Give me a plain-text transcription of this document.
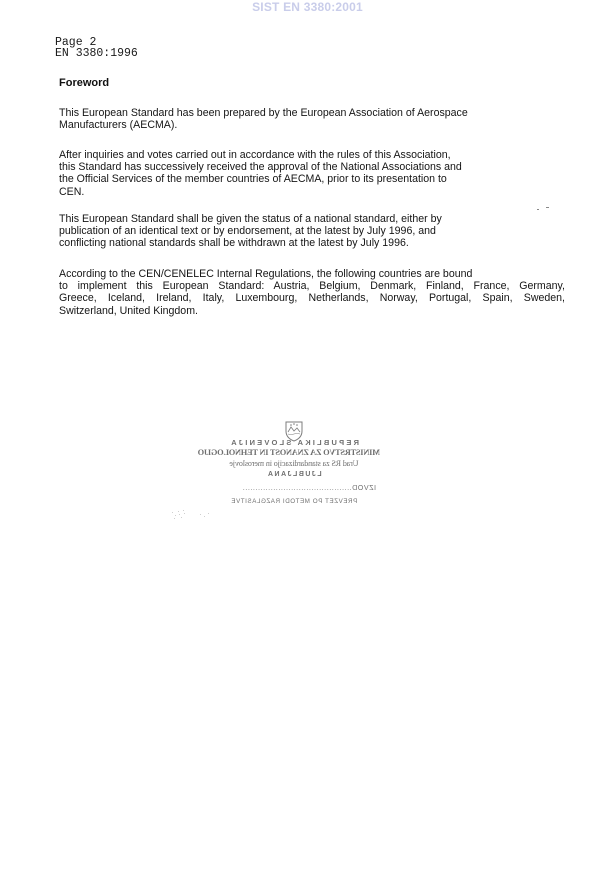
SIST EN 3380:2001
Page 2
EN 3380:1996
Foreword
This European Standard has been prepared by the European Association of Aerospace
Manufacturers (AECMA).
After inquiries and votes carried out in accordance with the rules of this Association,
this Standard has successively received the approval of the National Associations and
the Official Services of the member countries of AECMA, prior to its presentation to
CEN.
This European Standard shall be given the status of a national standard, either by
publication of an identical text or by endorsement, at the latest by July 1996, and
conflicting national standards shall be withdrawn at the latest by July 1996.
According to the CEN/CENELEC Internal Regulations, the following countries are bound
to implement this European Standard: Austria, Belgium, Denmark, Finland, France, Germany,
Greece, Iceland, Ireland, Italy, Luxembourg, Netherlands, Norway, Portugal, Spain, Sweden,
Switzerland, United Kingdom.
REPUBLIKA SLOVENIJA
MINISTRSTVO ZA ZNANOST IN TEHNOLOGIJO
Urad RS za standardizacijo in meroslovje
LJUBLJANA
IZVOD...........................................
PREVZET PO METODI RAZGLASITVE
